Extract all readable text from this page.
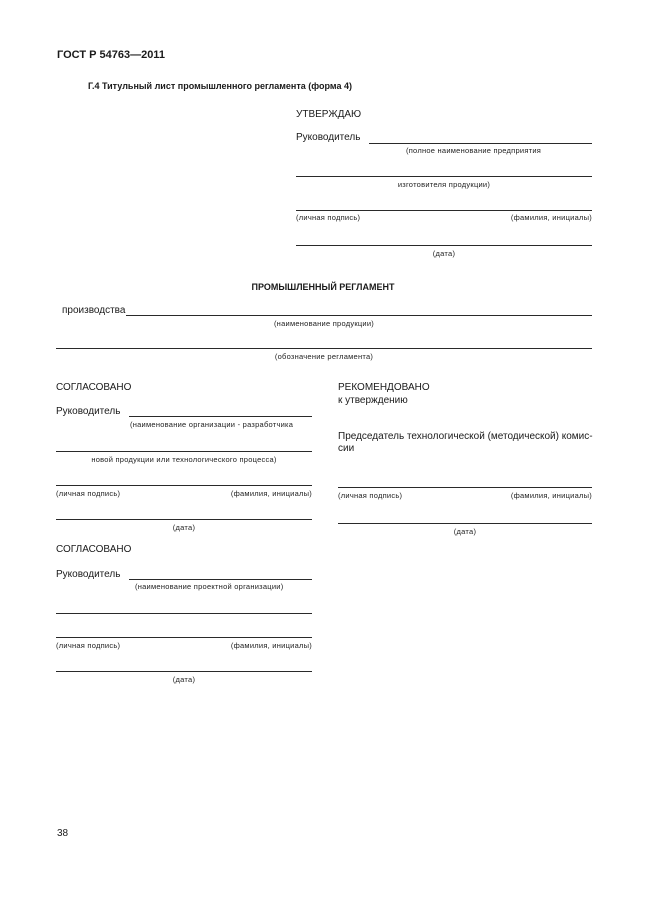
ГОСТ Р 54763—2011
Г.4 Титульный лист промышленного регламента (форма 4)
УТВЕРЖДАЮ
Руководитель
(полное наименование предприятия
изготовителя продукции)
(личная подпись)	(фамилия, инициалы)
(дата)
ПРОМЫШЛЕННЫЙ РЕГЛАМЕНТ
производства
(наименование продукции)
(обозначение регламента)
СОГЛАСОВАНО
Руководитель
(наименование организации - разработчика
новой продукции или технологического процесса)
(личная подпись)	(фамилия, инициалы)
(дата)
РЕКОМЕНДОВАНО
к утверждению
Председатель технологической (методической) комис-
сии
(личная подпись)	(фамилия, инициалы)
(дата)
СОГЛАСОВАНО
Руководитель
(наименование проектной организации)
(личная подпись)	(фамилия, инициалы)
(дата)
38
